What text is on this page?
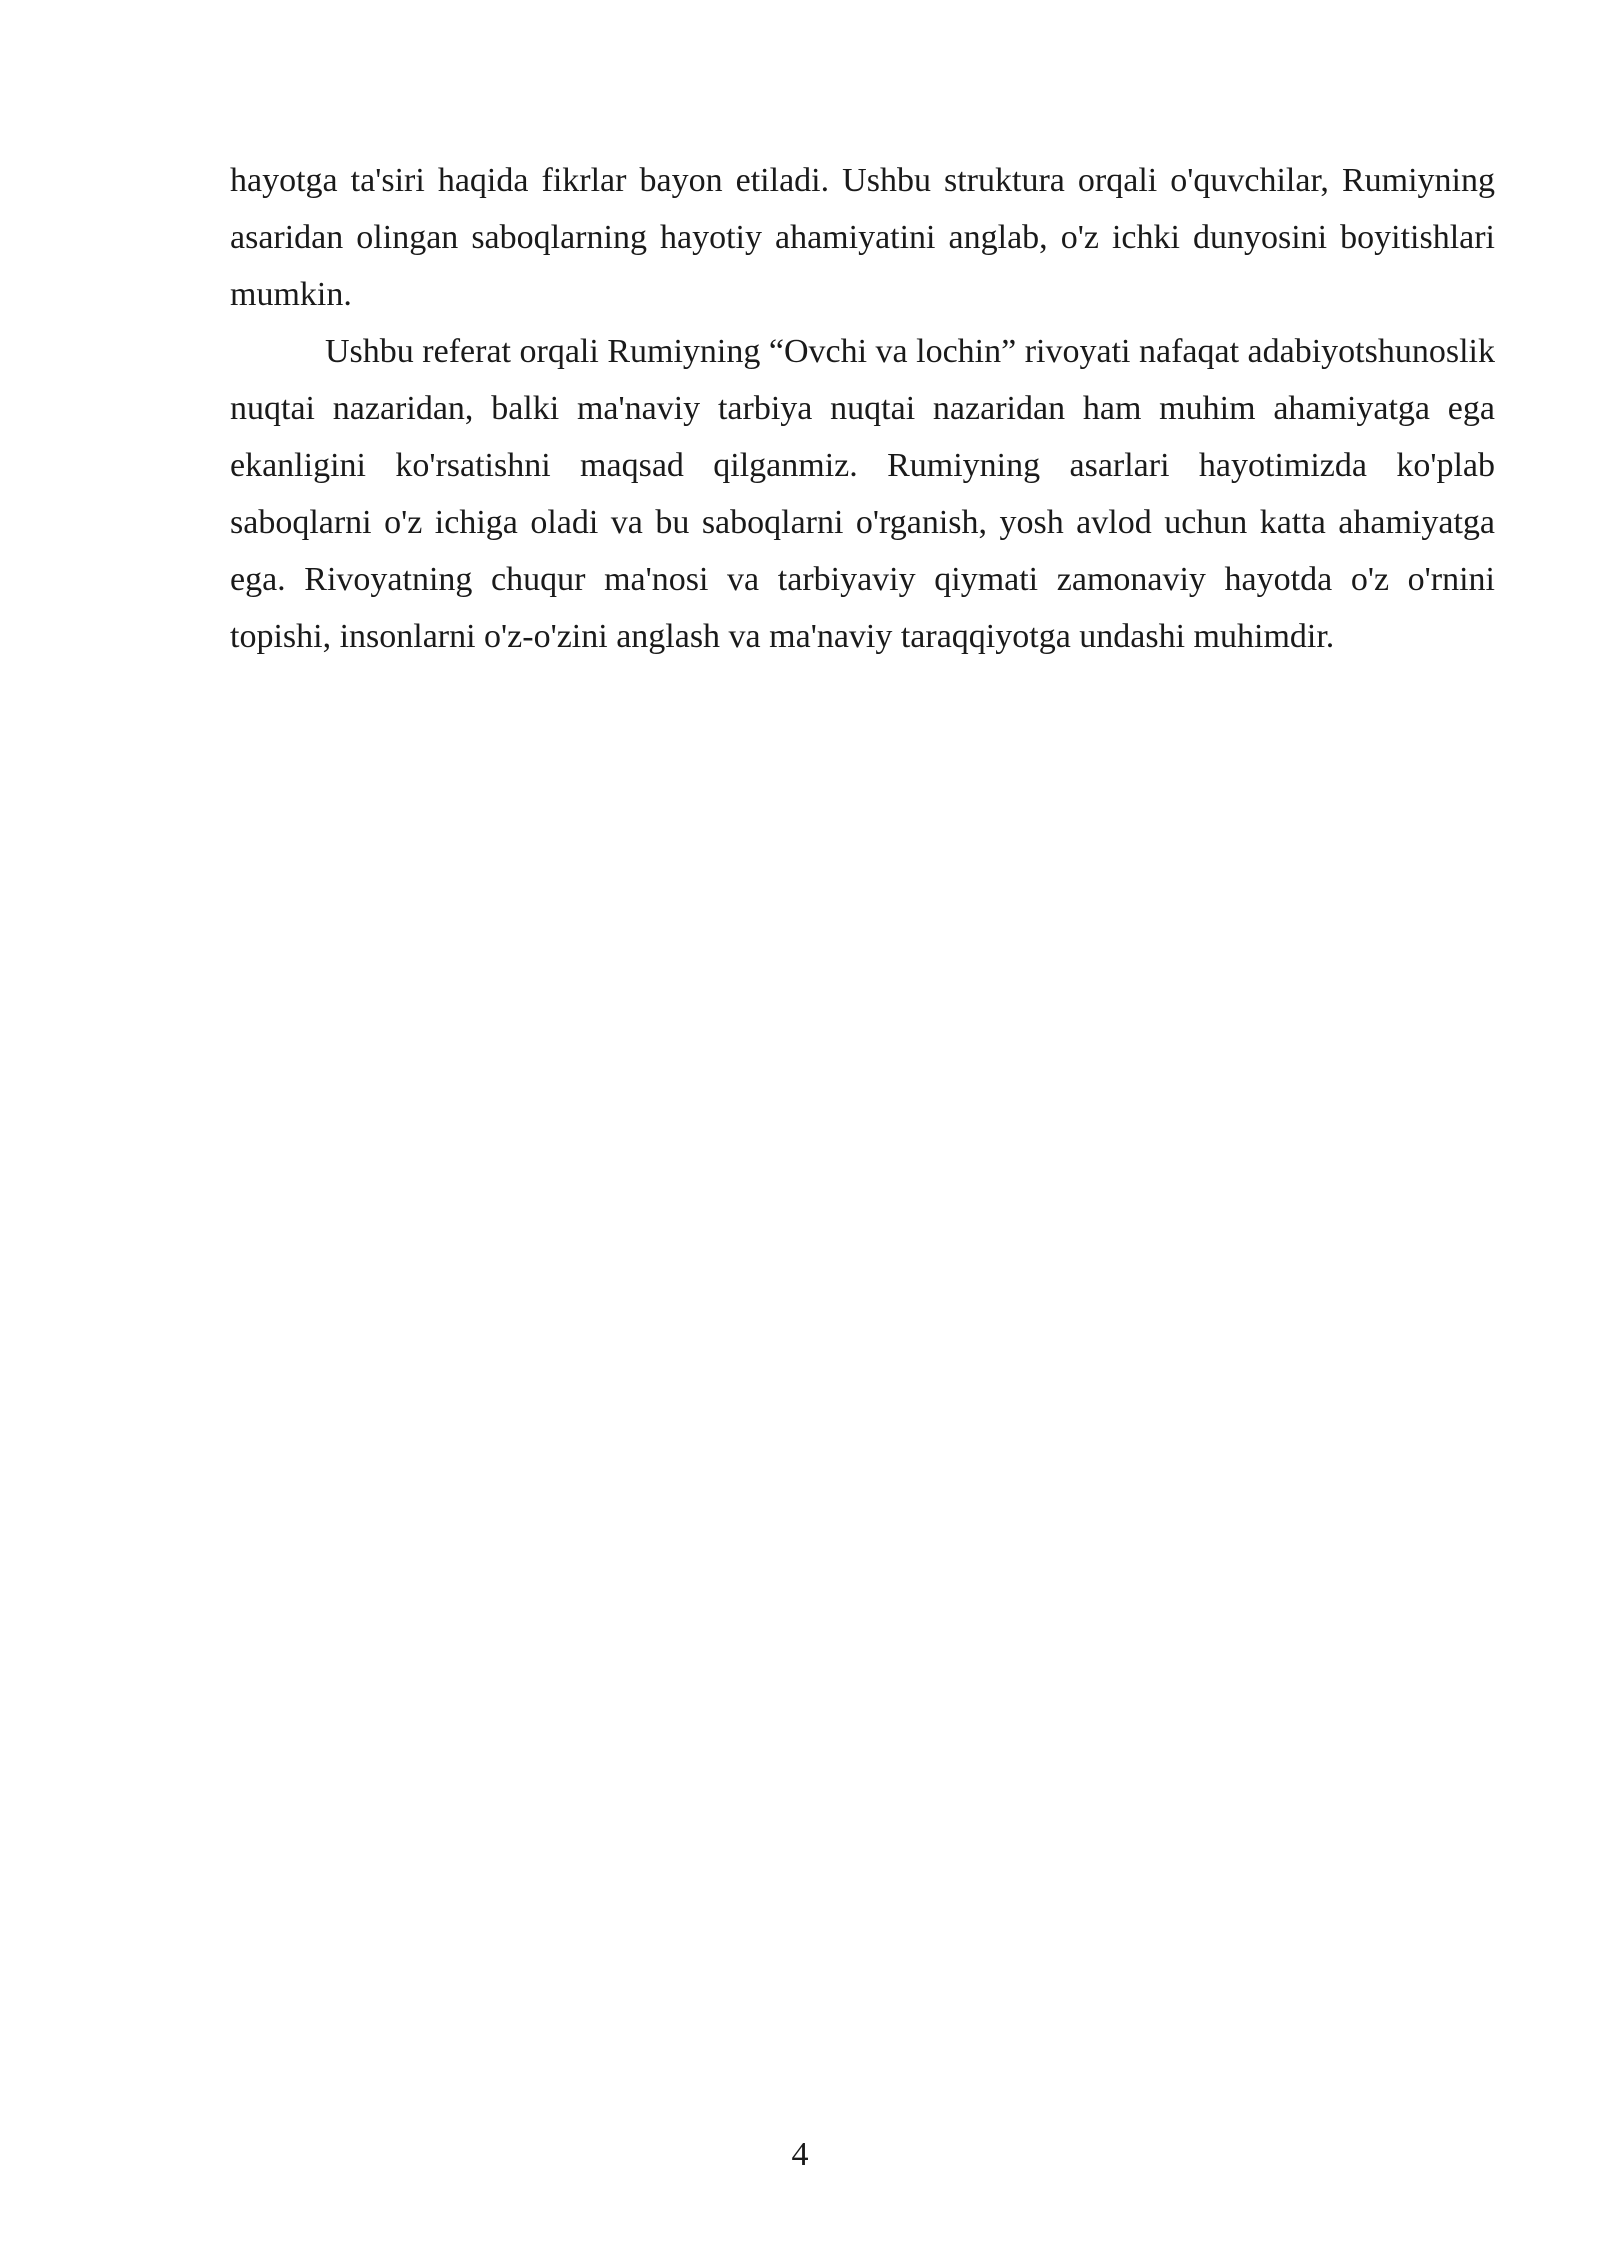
hayotga ta'siri haqida fikrlar bayon etiladi. Ushbu struktura orqali o'quvchilar, Rumiyning asaridan olingan saboqlarning hayotiy ahamiyatini anglab, o'z ichki dunyosini boyitishlari mumkin.

Ushbu referat orqali Rumiyning “Ovchi va lochin” rivoyati nafaqat adabiyotshunoslik nuqtai nazaridan, balki ma'naviy tarbiya nuqtai nazaridan ham muhim ahamiyatga ega ekanligini ko'rsatishni maqsad qilganmiz. Rumiyning asarlari hayotimizda ko'plab saboqlarni o'z ichiga oladi va bu saboqlarni o'rganish, yosh avlod uchun katta ahamiyatga ega. Rivoyatning chuqur ma'nosi va tarbiyaviy qiymati zamonaviy hayotda o'z o'rnini topishi, insonlarni o'z-o'zini anglash va ma'naviy taraqqiyotga undashi muhimdir.

4
